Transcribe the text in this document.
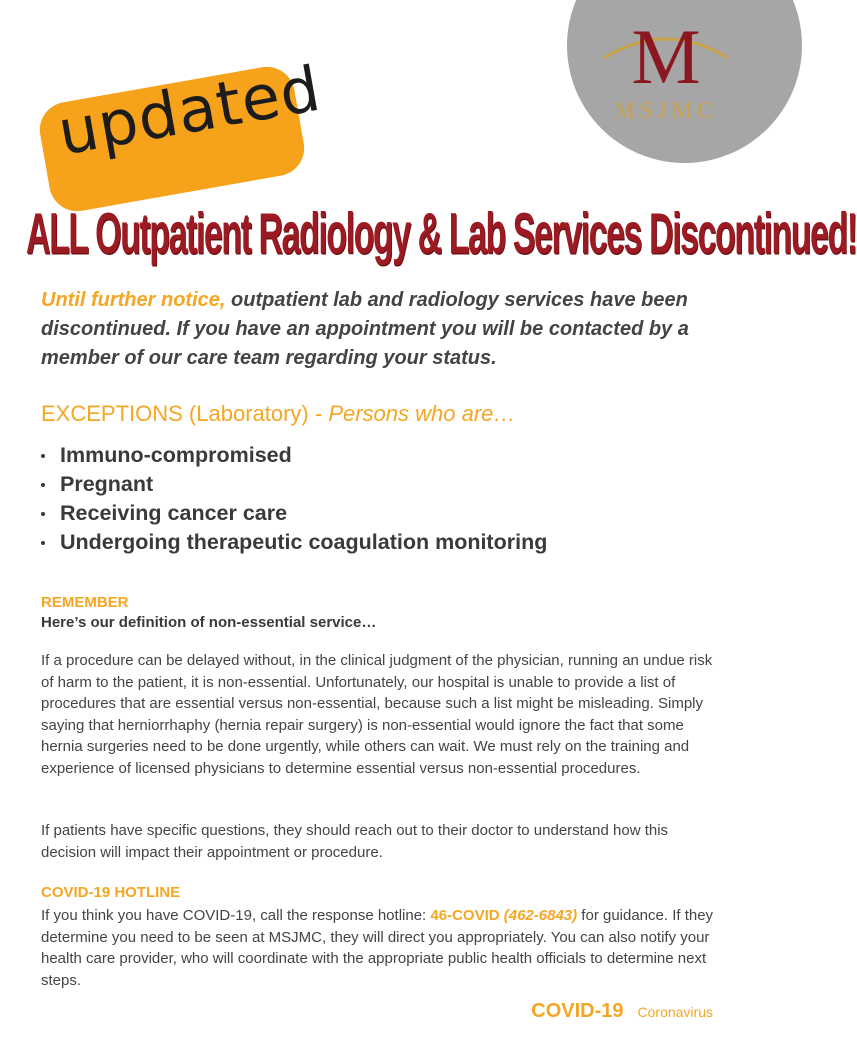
M
MSJMC
updated
ALL Outpatient Radiology & Lab Services Discontinued!
Until further notice, outpatient lab and radiology services have been discontinued. If you have an appointment you will be contacted by a member of our care team regarding your status.
EXCEPTIONS (Laboratory) - Persons who are…
Immuno-compromised
Pregnant
Receiving cancer care
Undergoing therapeutic coagulation monitoring
REMEMBER
Here’s our definition of non-essential service…
If a procedure can be delayed without, in the clinical judgment of the physician, running an undue risk of harm to the patient, it is non-essential. Unfortunately, our hospital is unable to provide a list of procedures that are essential versus non-essential, because such a list might be misleading. Simply saying that herniorrhaphy (hernia repair surgery) is non-essential would ignore the fact that some hernia surgeries need to be done urgently, while others can wait. We must rely on the training and experience of licensed physicians to determine essential versus non-essential procedures.
If patients have specific questions, they should reach out to their doctor to understand how this decision will impact their appointment or procedure.
COVID-19 HOTLINE
If you think you have COVID-19, call the response hotline: 46-COVID (462-6843) for guidance. If they determine you need to be seen at MSJMC, they will direct you appropriately. You can also notify your health care provider, who will coordinate with the appropriate public health officials to determine next steps.
COVID-19 Coronavirus
